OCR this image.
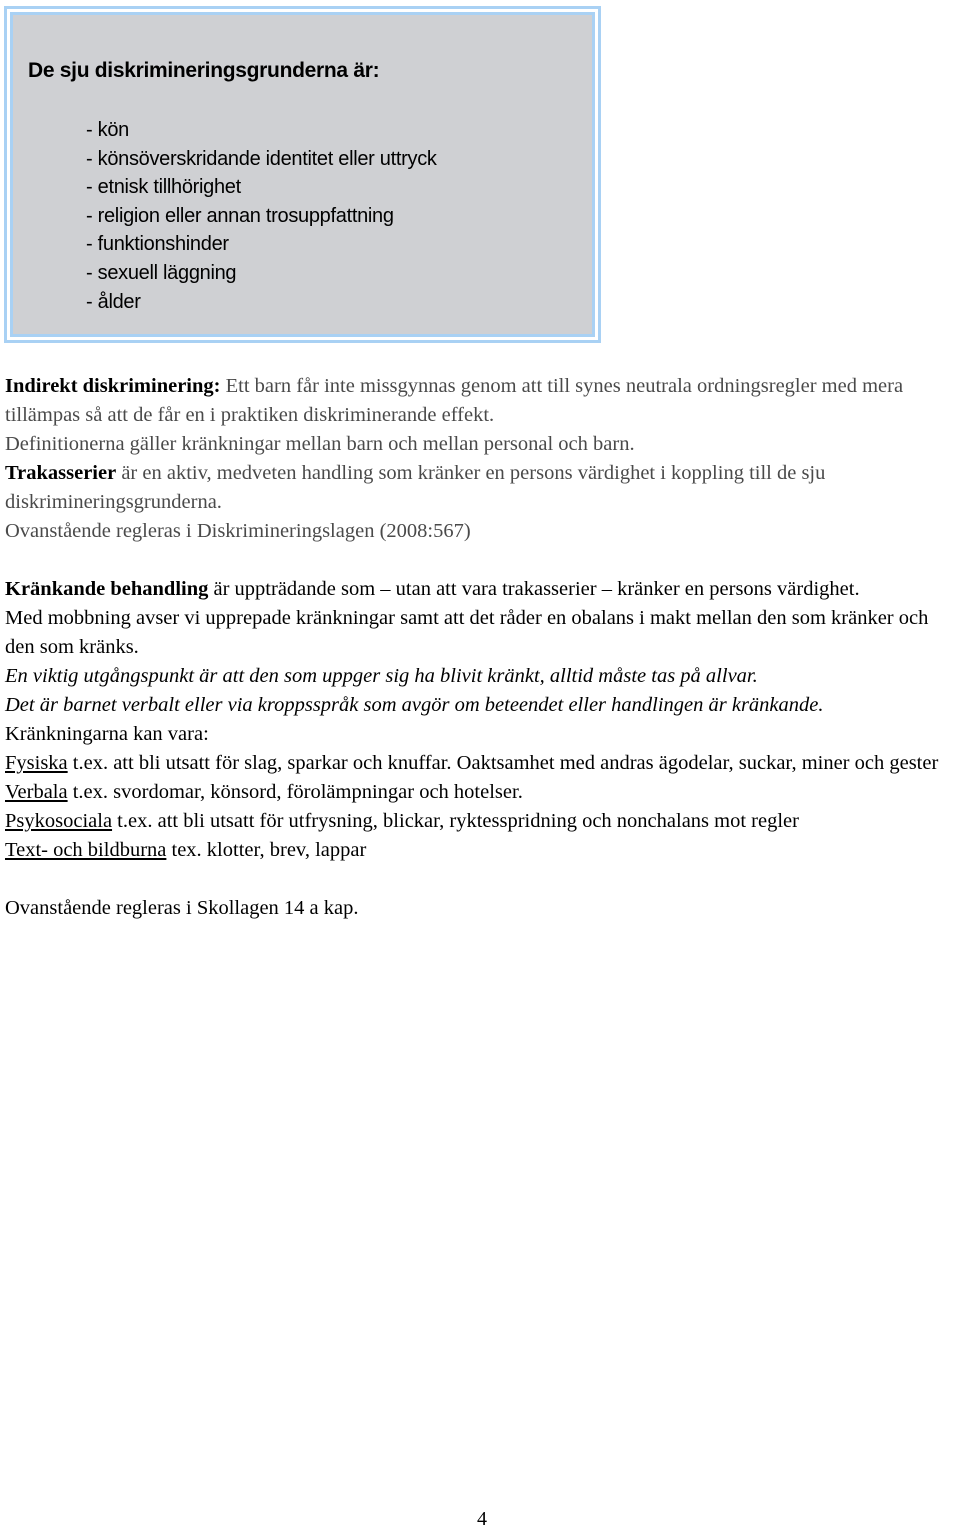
De sju diskrimineringsgrunderna är:
- kön
- könsöverskridande identitet eller uttryck
- etnisk tillhörighet
- religion eller annan trosuppfattning
- funktionshinder
- sexuell läggning
- ålder

Indirekt diskriminering: Ett barn får inte missgynnas genom att till synes neutrala ordningsregler med mera tillämpas så att de får en i praktiken diskriminerande effekt.

Definitionerna gäller kränkningar mellan barn och mellan personal och barn.

Trakasserier är en aktiv, medveten handling som kränker en persons värdighet i koppling till de sju diskrimineringsgrunderna.

Ovanstående regleras i Diskrimineringslagen (2008:567)

Kränkande behandling är uppträdande som – utan att vara trakasserier – kränker en persons värdighet.

Med mobbning avser vi upprepade kränkningar samt att det råder en obalans i makt mellan den som kränker och den som kränks.

En viktig utgångspunkt är att den som uppger sig ha blivit kränkt, alltid måste tas på allvar.

Det är barnet verbalt eller via kroppsspråk som avgör om beteendet eller handlingen är kränkande.

Kränkningarna kan vara:

Fysiska t.ex. att bli utsatt för slag, sparkar och knuffar. Oaktsamhet med andras ägodelar, suckar, miner och gester

Verbala t.ex. svordomar, könsord, förolämpningar och hotelser.

Psykosociala t.ex. att bli utsatt för utfrysning, blickar, ryktesspridning och nonchalans mot regler

Text- och bildburna tex. klotter, brev, lappar

Ovanstående regleras i Skollagen 14 a kap.

4
